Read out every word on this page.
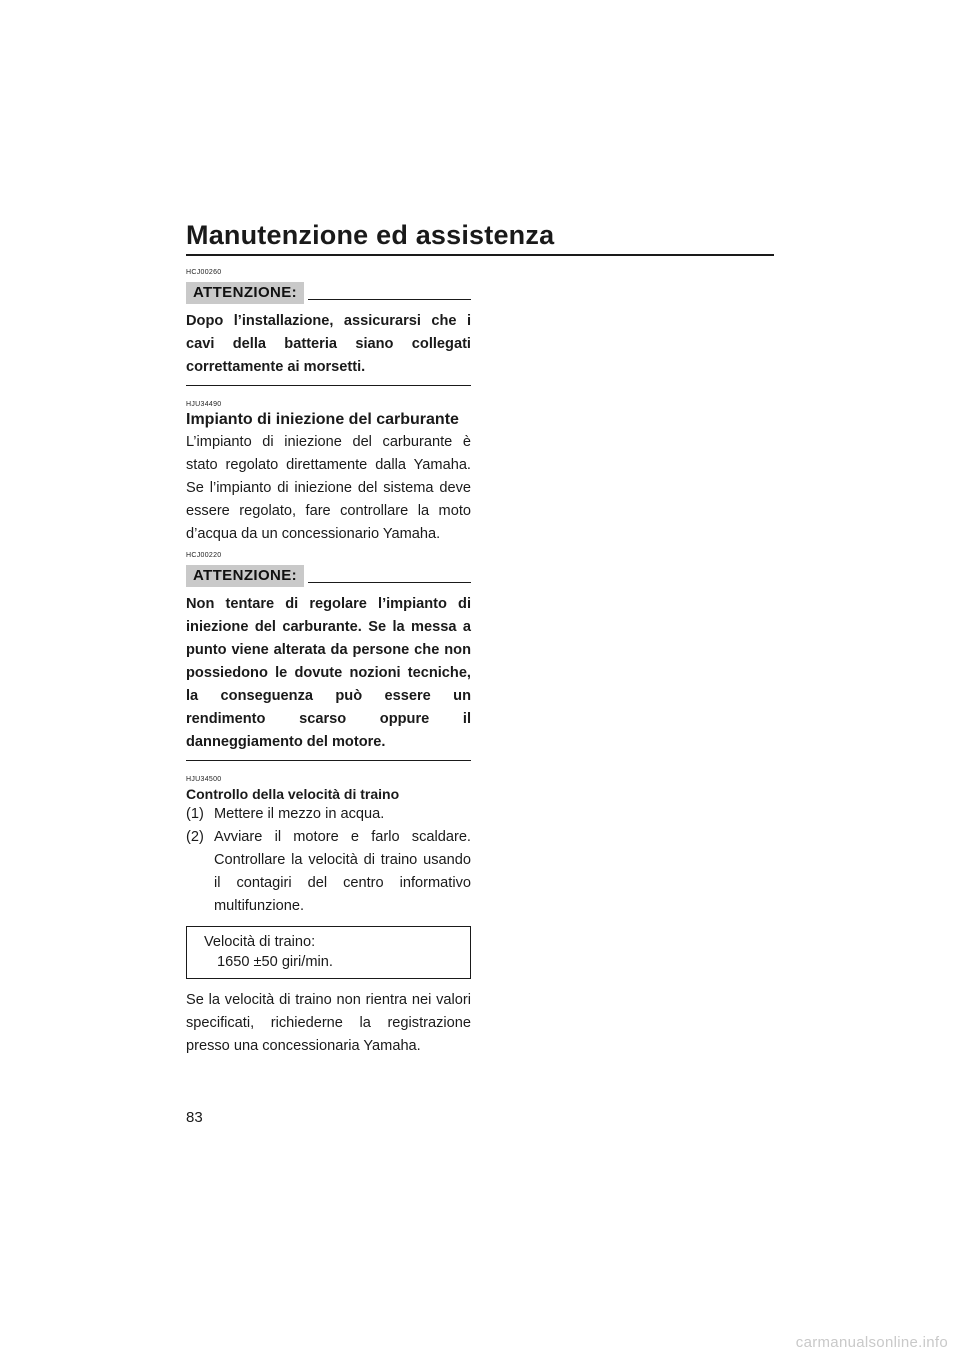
Manutenzione ed assistenza
HCJ00260
ATTENZIONE:

Dopo l’installazione, assicurarsi che i cavi della batteria siano collegati correttamente ai morsetti.

HJU34490
Impianto di iniezione del carburante

L’impianto di iniezione del carburante è stato regolato direttamente dalla Yamaha. Se l’impianto di iniezione del sistema deve essere regolato, fare controllare la moto d’acqua da un concessionario Yamaha.

HCJ00220
ATTENZIONE:

Non tentare di regolare l’impianto di iniezione del carburante. Se la messa a punto viene alterata da persone che non possiedono le dovute nozioni tecniche, la conseguenza può essere un rendimento scarso oppure il danneggiamento del motore.

HJU34500
Controllo della velocità di traino
(1) Mettere il mezzo in acqua.
(2) Avviare il motore e farlo scaldare. Controllare la velocità di traino usando il contagiri del centro informativo multifunzione.
Velocità di traino:
1650 ±50 giri/min.

Se la velocità di traino non rientra nei valori specificati, richiederne la registrazione presso una concessionaria Yamaha.

83
carmanualsonline.info
